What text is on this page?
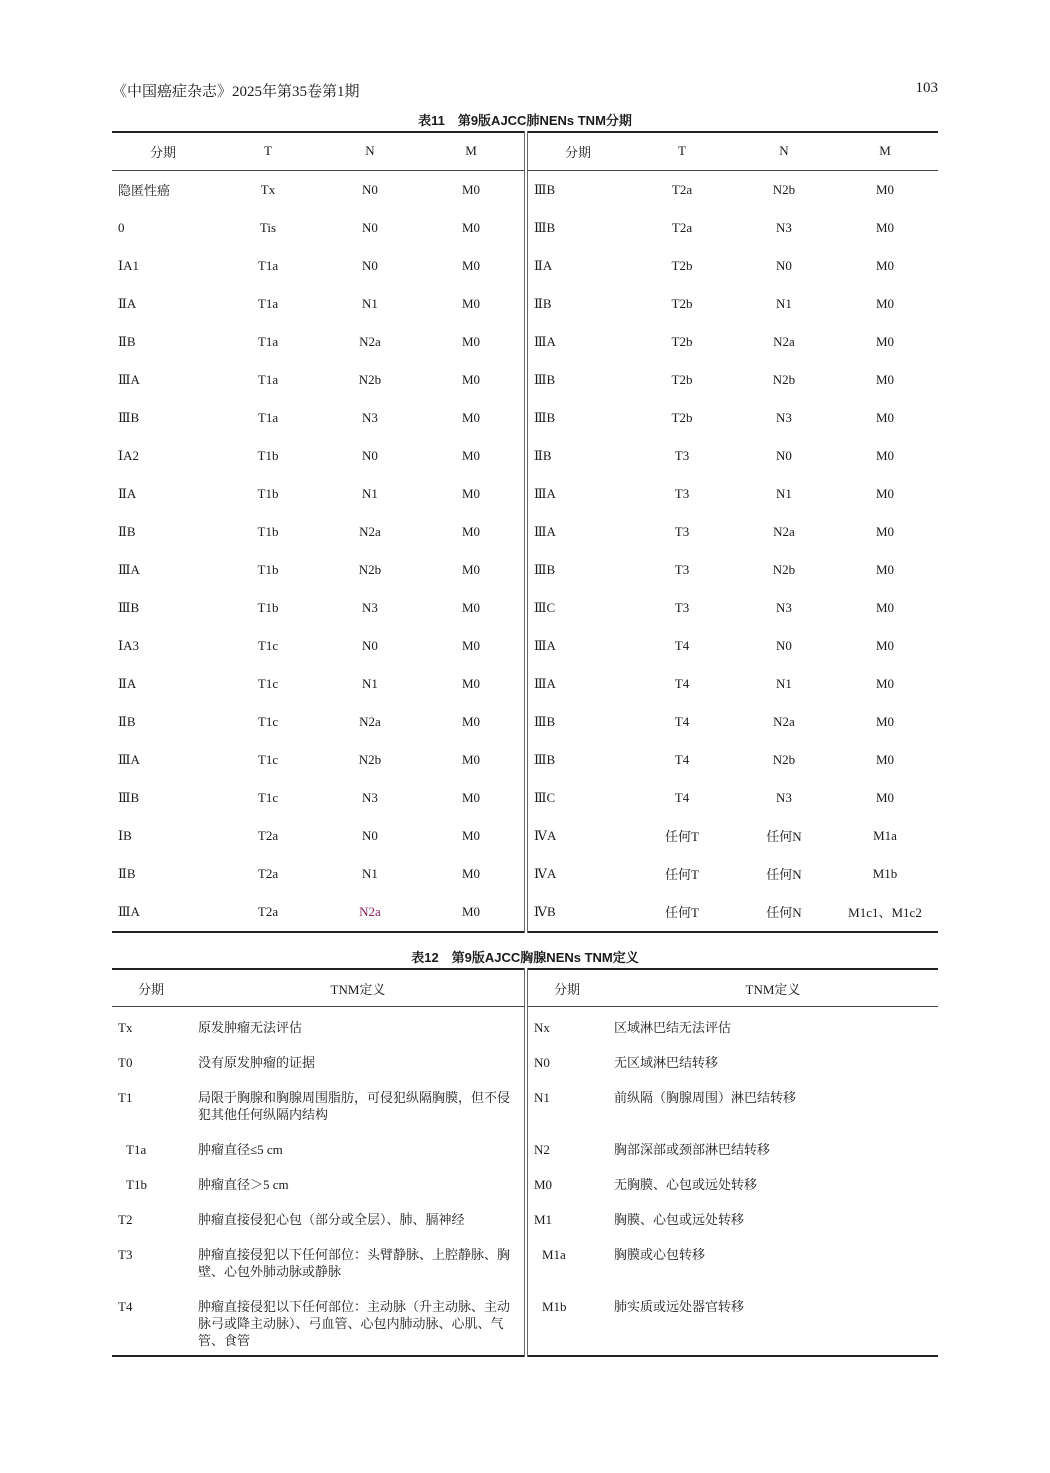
《中国癌症杂志》2025年第35卷第1期	103
表11　第9版AJCC肺NENs TNM分期
分期	T	N	M	分期	T	N	M
隐匿性癌	Tx	N0	M0	ⅢB	T2a	N2b	M0
0	Tis	N0	M0	ⅢB	T2a	N3	M0
ⅠA1	T1a	N0	M0	ⅡA	T2b	N0	M0
ⅡA	T1a	N1	M0	ⅡB	T2b	N1	M0
ⅡB	T1a	N2a	M0	ⅢA	T2b	N2a	M0
ⅢA	T1a	N2b	M0	ⅢB	T2b	N2b	M0
ⅢB	T1a	N3	M0	ⅢB	T2b	N3	M0
ⅠA2	T1b	N0	M0	ⅡB	T3	N0	M0
ⅡA	T1b	N1	M0	ⅢA	T3	N1	M0
ⅡB	T1b	N2a	M0	ⅢA	T3	N2a	M0
ⅢA	T1b	N2b	M0	ⅢB	T3	N2b	M0
ⅢB	T1b	N3	M0	ⅢC	T3	N3	M0
ⅠA3	T1c	N0	M0	ⅢA	T4	N0	M0
ⅡA	T1c	N1	M0	ⅢA	T4	N1	M0
ⅡB	T1c	N2a	M0	ⅢB	T4	N2a	M0
ⅢA	T1c	N2b	M0	ⅢB	T4	N2b	M0
ⅢB	T1c	N3	M0	ⅢC	T4	N3	M0
ⅠB	T2a	N0	M0	ⅣA	任何T	任何N	M1a
ⅡB	T2a	N1	M0	ⅣA	任何T	任何N	M1b
ⅢA	T2a	N2a	M0	ⅣB	任何T	任何N	M1c1、M1c2
表12　第9版AJCC胸腺NENs TNM定义
分期	TNM定义	分期	TNM定义
Tx	原发肿瘤无法评估	Nx	区域淋巴结无法评估
T0	没有原发肿瘤的证据	N0	无区域淋巴结转移
T1	局限于胸腺和胸腺周围脂肪，可侵犯纵隔胸膜，但不侵犯其他任何纵隔内结构	N1	前纵隔（胸腺周围）淋巴结转移
T1a	肿瘤直径≤5 cm	N2	胸部深部或颈部淋巴结转移
T1b	肿瘤直径＞5 cm	M0	无胸膜、心包或远处转移
T2	肿瘤直接侵犯心包（部分或全层）、肺、膈神经	M1	胸膜、心包或远处转移
T3	肿瘤直接侵犯以下任何部位：头臂静脉、上腔静脉、胸壁、心包外肺动脉或静脉	M1a	胸膜或心包转移
T4	肿瘤直接侵犯以下任何部位：主动脉（升主动脉、主动脉弓或降主动脉）、弓血管、心包内肺动脉、心肌、气管、食管	M1b	肺实质或远处器官转移
